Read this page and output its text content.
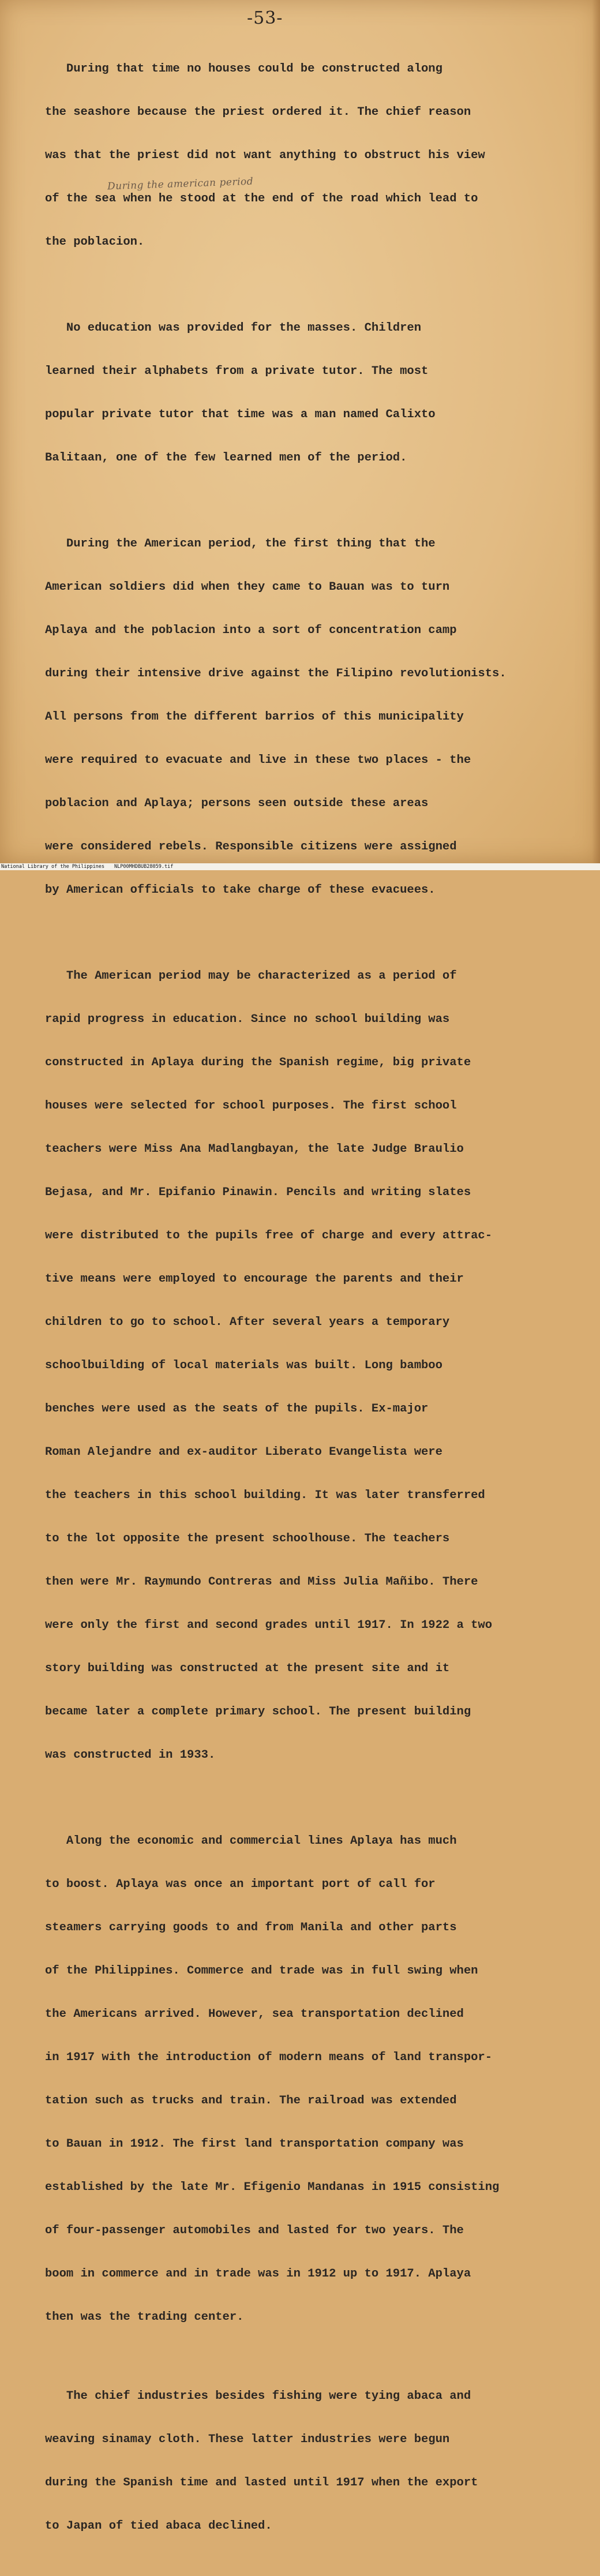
-53-
During the american period

During that time no houses could be constructed along

the seashore because the priest ordered it. The chief reason

was that the priest did not want anything to obstruct his view

of the sea when he stood at the end of the road which lead to

the poblacion.

No education was provided for the masses. Children

learned their alphabets from a private tutor. The most

popular private tutor that time was a man named Calixto

Balitaan, one of the few learned men of the period.

During the American period, the first thing that the

American soldiers did when they came to Bauan was to turn

Aplaya and the poblacion into a sort of concentration camp

during their intensive drive against the Filipino revolutionists.

All persons from the different barrios of this municipality

were required to evacuate and live in these two places - the

poblacion and Aplaya; persons seen outside these areas

were considered rebels. Responsible citizens were assigned

by American officials to take charge of these evacuees.

The American period may be characterized as a period of

rapid progress in education. Since no school building was

constructed in Aplaya during the Spanish regime, big private

houses were selected for school purposes. The first school

teachers were Miss Ana Madlangbayan, the late Judge Braulio

Bejasa, and Mr. Epifanio Pinawin. Pencils and writing slates

were distributed to the pupils free of charge and every attrac-

tive means were employed to encourage the parents and their

children to go to school. After several years a temporary

schoolbuilding of local materials was built. Long bamboo

benches were used as the seats of the pupils. Ex-major

Roman Alejandre and ex-auditor Liberato Evangelista were

the teachers in this school building. It was later transferred

to the lot opposite the present schoolhouse. The teachers

then were Mr. Raymundo Contreras and Miss Julia Mañibo. There

were only the first and second grades until 1917. In 1922 a two

story building was constructed at the present site and it

became later a complete primary school. The present building

was constructed in 1933.

Along the economic and commercial lines Aplaya has much

to boost. Aplaya was once an important port of call for

steamers carrying goods to and from Manila and other parts

of the Philippines. Commerce and trade was in full swing when

the Americans arrived. However, sea transportation declined

in 1917 with the introduction of modern means of land transpor-

tation such as trucks and train. The railroad was extended

to Bauan in 1912. The first land transportation company was

established by the late Mr. Efigenio Mandanas in 1915 consisting

of four-passenger automobiles and lasted for two years. The

boom in commerce and in trade was in 1912 up to 1917. Aplaya

then was the trading center.

The chief industries besides fishing were tying abaca and

weaving sinamay cloth. These latter industries were begun

during the Spanish time and lasted until 1917 when the export

to Japan of tied abaca declined.

National Library of the Philippines

NLP00MHDBUB28059.tif
